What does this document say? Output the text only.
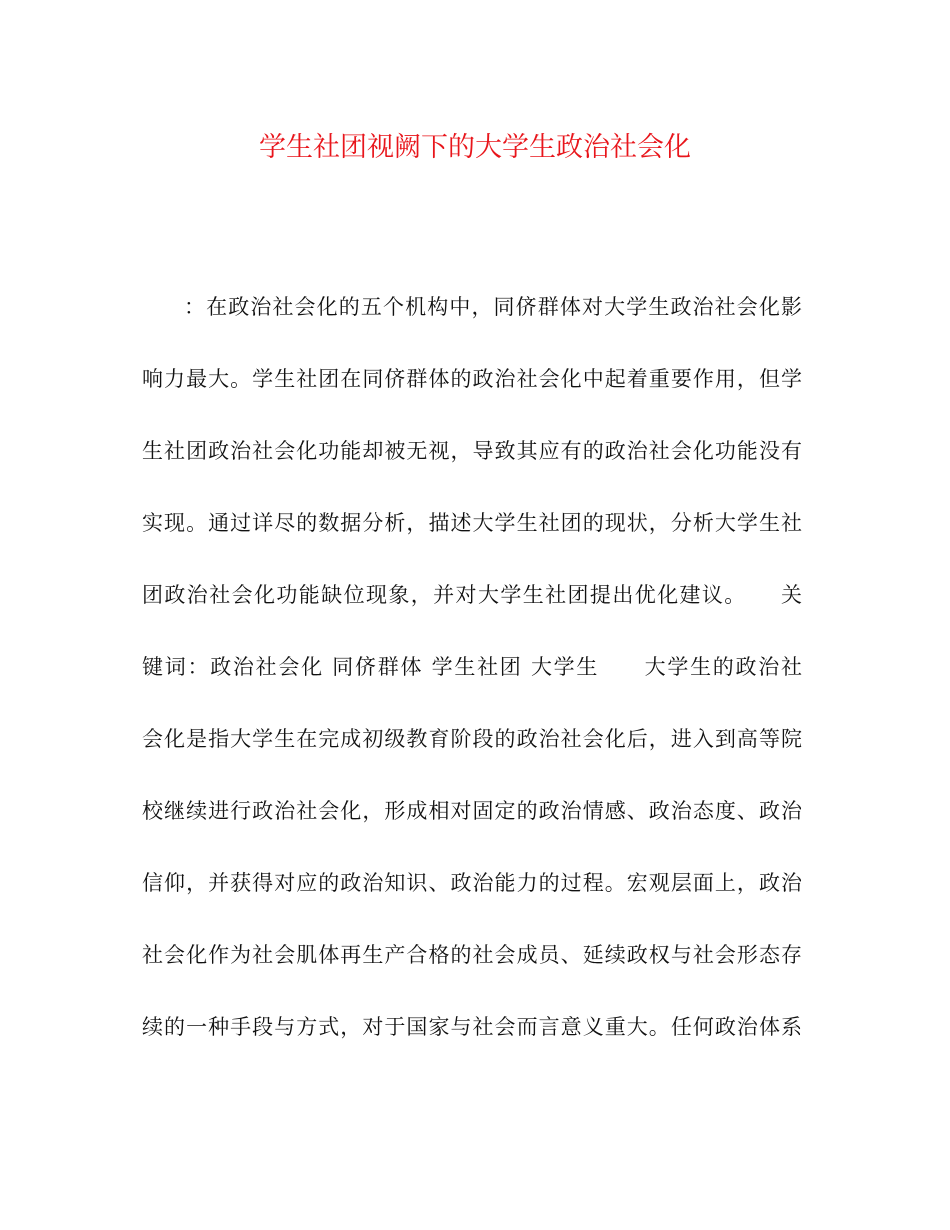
学生社团视阙下的大学生政治社会化
：在政治社会化的五个机构中，同侪群体对大学生政治社会化影
响力最大。学生社团在同侪群体的政治社会化中起着重要作用，但学
生社团政治社会化功能却被无视，导致其应有的政治社会化功能没有
实现。通过详尽的数据分析，描述大学生社团的现状，分析大学生社
团政治社会化功能缺位现象，并对大学生社团提出优化建议。　　关
键词：政治社会化 同侪群体 学生社团 大学生　　大学生的政治社
会化是指大学生在完成初级教育阶段的政治社会化后，进入到高等院
校继续进行政治社会化，形成相对固定的政治情感、政治态度、政治
信仰，并获得对应的政治知识、政治能力的过程。宏观层面上，政治
社会化作为社会肌体再生产合格的社会成员、延续政权与社会形态存
续的一种手段与方式，对于国家与社会而言意义重大。任何政治体系
